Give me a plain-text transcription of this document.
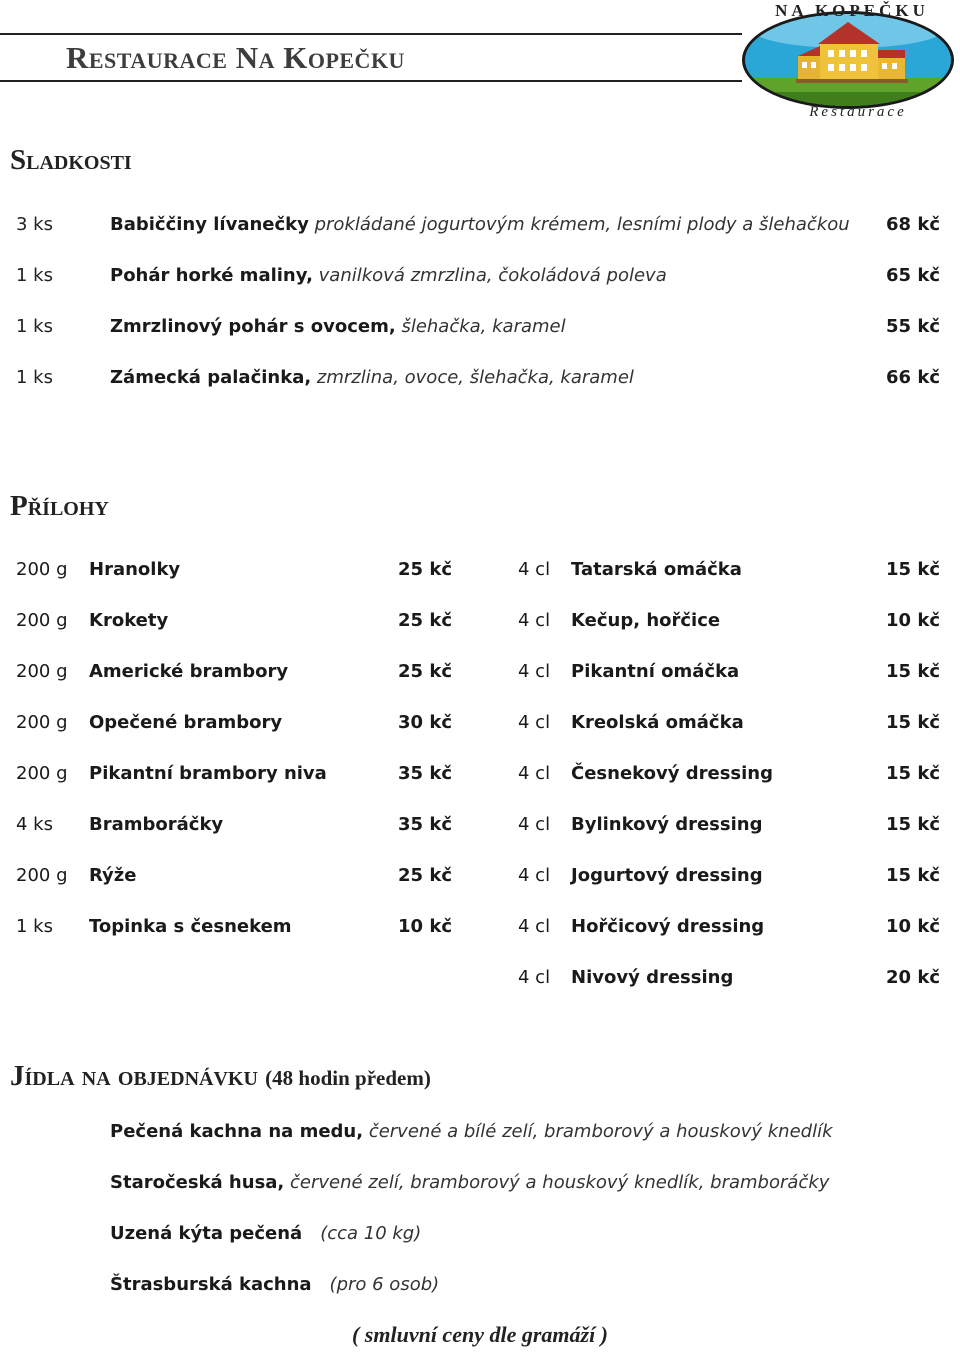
Restaurace Na Kopečku
NA KOPEČKU
Restaurace
Sladkosti
3 ks	Babiččiny lívanečky prokládané jogurtovým krémem, lesními plody a šlehačkou 68 kč
1 ks	Pohár horké maliny, vanilková zmrzlina, čokoládová poleva	65 kč
1 ks	Zmrzlinový pohár s ovocem, šlehačka, karamel	55 kč
1 ks	Zámecká palačinka, zmrzlina, ovoce, šlehačka, karamel	66 kč
Přílohy
200 g Hranolky	25 kč	4 cl Tatarská omáčka	15 kč
200 g Krokety	25 kč	4 cl Kečup, hořčice	10 kč
200 g Americké brambory	25 kč	4 cl Pikantní omáčka	15 kč
200 g Opečené brambory	30 kč	4 cl Kreolská omáčka	15 kč
200 g Pikantní brambory niva	35 kč	4 cl Česnekový dressing	15 kč
4 ks Bramboráčky	35 kč	4 cl Bylinkový dressing	15 kč
200 g Rýže	25 kč	4 cl Jogurtový dressing	15 kč
1 ks Topinka s česnekem	10 kč	4 cl Hořčicový dressing	10 kč
4 cl Nivový dressing	20 kč
Jídla na objednávku (48 hodin předem)
Pečená kachna na medu, červené a bílé zelí, bramborový a houskový knedlík
Staročeská husa, červené zelí, bramborový a houskový knedlík, bramboráčky
Uzená kýta pečená (cca 10 kg)
Štrasburská kachna (pro 6 osob)
( smluvní ceny dle gramáží )
